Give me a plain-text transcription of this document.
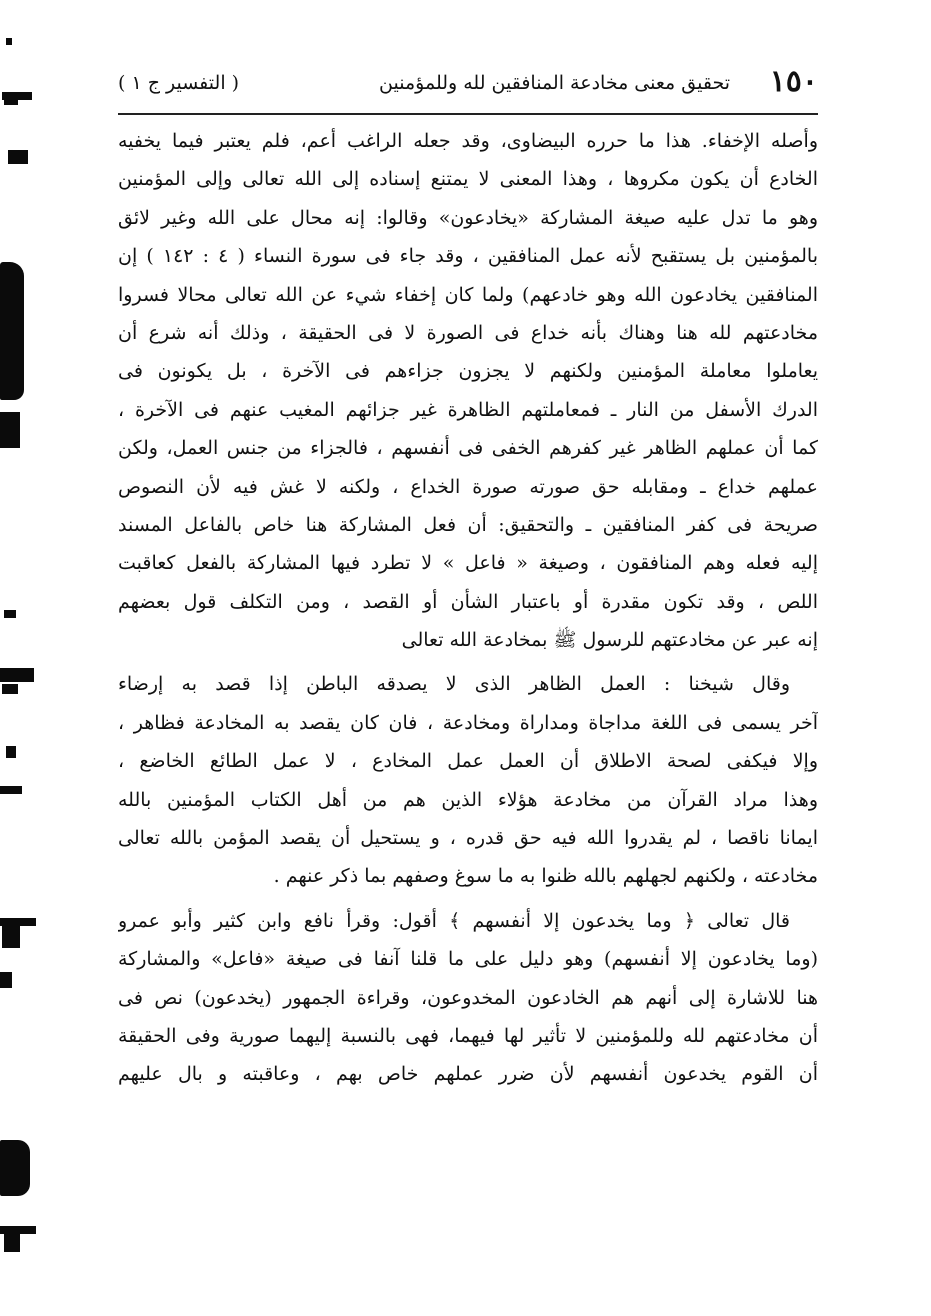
١٥٠
تحقيق معنى مخادعة المنافقين لله وللمؤمنين
( التفسير ج ١ )
وأصله الإخفاء. هذا ما حرره البيضاوى، وقد جعله الراغب أعم، فلم يعتبر فيما يخفيه
الخادع أن يكون مكروها ، وهذا المعنى لا يمتنع إسناده إلى الله تعالى وإلى المؤمنين
وهو ما تدل عليه صيغة المشاركة «يخادعون» وقالوا: إنه محال على الله وغير لائق
بالمؤمنين بل يستقبح لأنه عمل المنافقين ، وقد جاء فى سورة النساء ( ٤ : ١٤٢ ) إن
المنافقين يخادعون الله وهو خادعهم) ولما كان إخفاء شيء عن الله تعالى محالا فسروا
مخادعتهم لله هنا وهناك بأنه خداع فى الصورة لا فى الحقيقة ، وذلك أنه شرع أن
يعاملوا معاملة المؤمنين ولكنهم لا يجزون جزاءهم فى الآخرة ، بل يكونون فى
الدرك الأسفل من النار ـ فمعاملتهم الظاهرة غير جزائهم المغيب عنهم فى الآخرة ،
كما أن عملهم الظاهر غير كفرهم الخفى فى أنفسهم ، فالجزاء من جنس العمل، ولكن
عملهم خداع ـ ومقابله حق صورته صورة الخداع ، ولكنه لا غش فيه لأن النصوص
صريحة فى كفر المنافقين ـ والتحقيق: أن فعل المشاركة هنا خاص بالفاعل المسند
إليه فعله وهم المنافقون ، وصيغة « فاعل » لا تطرد فيها المشاركة بالفعل كعاقبت
اللص ، وقد تكون مقدرة أو باعتبار الشأن أو القصد ، ومن التكلف قول بعضهم
إنه عبر عن مخادعتهم للرسول ﷺ بمخادعة الله تعالى
وقال شيخنا : العمل الظاهر الذى لا يصدقه الباطن إذا قصد به إرضاء
آخر يسمى فى اللغة مداجاة ومداراة ومخادعة ، فان كان يقصد به المخادعة فظاهر ،
وإلا فيكفى لصحة الاطلاق أن العمل عمل المخادع ، لا عمل الطائع الخاضع ،
وهذا مراد القرآن من مخادعة هؤلاء الذين هم من أهل الكتاب المؤمنين بالله
ايمانا ناقصا ، لم يقدروا الله فيه حق قدره ، و يستحيل أن يقصد المؤمن بالله تعالى
مخادعته ، ولكنهم لجهلهم بالله ظنوا به ما سوغ وصفهم بما ذكر عنهم .
قال تعالى ﴿ وما يخدعون إلا أنفسهم ﴾ أقول: وقرأ نافع وابن كثير وأبو عمرو
(وما يخادعون إلا أنفسهم) وهو دليل على ما قلنا آنفا فى صيغة «فاعل» والمشاركة
هنا للاشارة إلى أنهم هم الخادعون المخدوعون، وقراءة الجمهور (يخدعون) نص فى
أن مخادعتهم لله وللمؤمنين لا تأثير لها فيهما، فهى بالنسبة إليهما صورية وفى الحقيقة
أن القوم يخدعون أنفسهم لأن ضرر عملهم خاص بهم ، وعاقبته و بال عليهم
